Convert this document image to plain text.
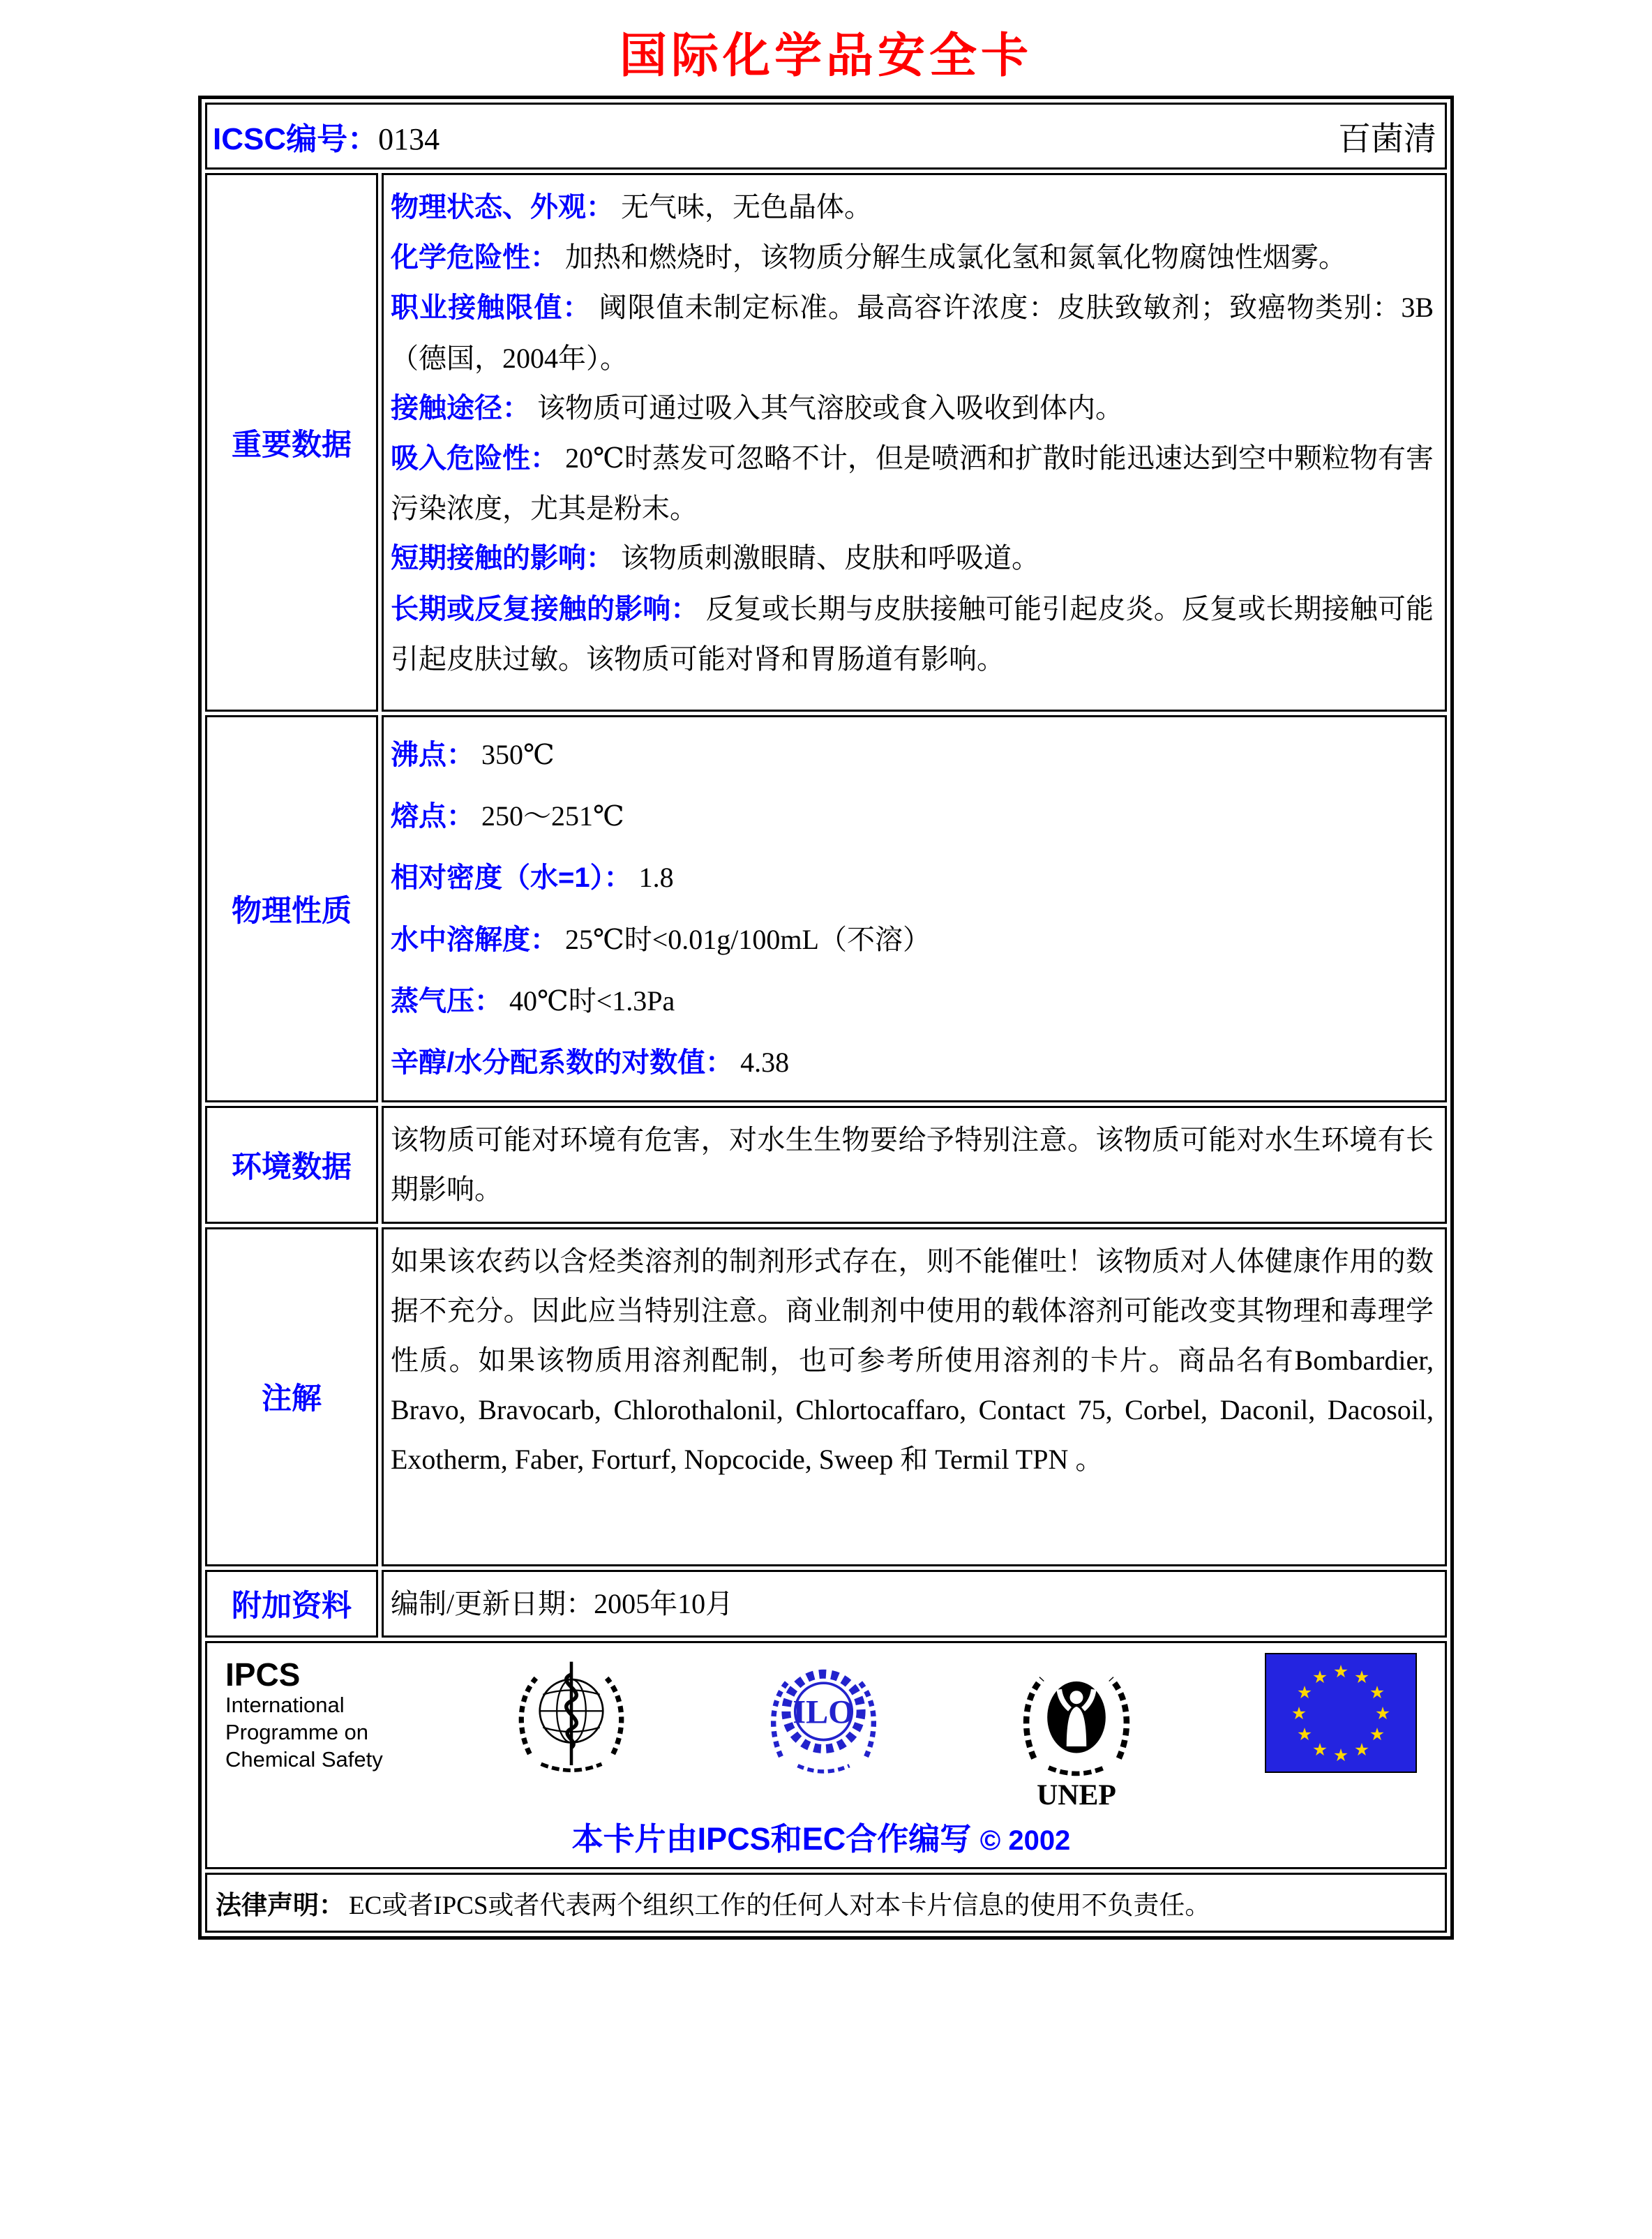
国际化学品安全卡
ICSC编号： 0134	百菌清
重要数据

物理状态、外观： 无气味，无色晶体。

化学危险性： 加热和燃烧时，该物质分解生成氯化氢和氮氧化物腐蚀性烟雾。

职业接触限值： 阈限值未制定标准。最高容许浓度：皮肤致敏剂；致癌物类别：3B（德国，2004年）。

接触途径： 该物质可通过吸入其气溶胶或食入吸收到体内。

吸入危险性： 20℃时蒸发可忽略不计，但是喷洒和扩散时能迅速达到空中颗粒物有害污染浓度，尤其是粉末。

短期接触的影响： 该物质刺激眼睛、皮肤和呼吸道。

长期或反复接触的影响： 反复或长期与皮肤接触可能引起皮炎。反复或长期接触可能引起皮肤过敏。该物质可能对肾和胃肠道有影响。

物理性质

沸点： 350℃

熔点： 250～251℃

相对密度（水=1）： 1.8

水中溶解度： 25℃时<0.01g/100mL（不溶）

蒸气压： 40℃时<1.3Pa

辛醇/水分配系数的对数值： 4.38

环境数据

该物质可能对环境有危害，对水生生物要给予特别注意。该物质可能对水生环境有长期影响。

注解

如果该农药以含烃类溶剂的制剂形式存在，则不能催吐！该物质对人体健康作用的数据不充分。因此应当特别注意。商业制剂中使用的载体溶剂可能改变其物理和毒理学性质。如果该物质用溶剂配制，也可参考所使用溶剂的卡片。商品名有Bombardier, Bravo, Bravocarb, Chlorothalonil, Chlortocaffaro, Contact 75, Corbel, Daconil, Dacosoil, Exotherm, Faber, Forturf, Nopcocide, Sweep 和 Termil TPN 。

附加资料	编制/更新日期：2005年10月

IPCS
International
Programme on
Chemical Safety
ILO
UNEP
本卡片由IPCS和EC合作编写 © 2002
法律声明： EC或者IPCS或者代表两个组织工作的任何人对本卡片信息的使用不负责任。
